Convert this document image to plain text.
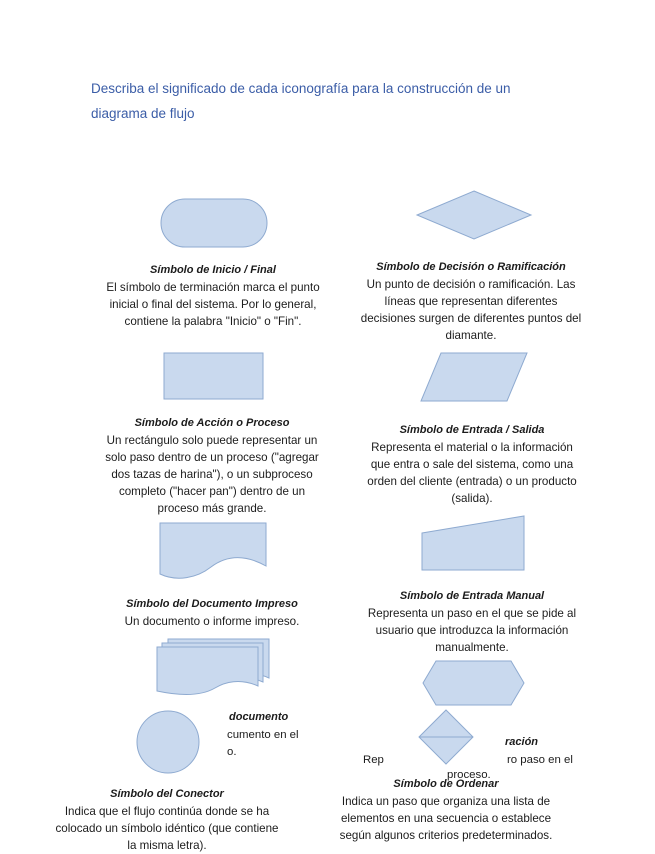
Describa el significado de cada iconografía para la construcción de un diagrama de flujo
Símbolo de Inicio / Final
El símbolo de terminación marca el punto inicial o final del sistema. Por lo general, contiene la palabra "Inicio" o "Fin".
Símbolo de Decisión o Ramificación
Un punto de decisión o ramificación. Las líneas que representan diferentes decisiones surgen de diferentes puntos del diamante.
Símbolo de Acción o Proceso
Un rectángulo solo puede representar un solo paso dentro de un proceso ("agregar dos tazas de harina"), o un subproceso completo ("hacer pan") dentro de un proceso más grande.
Símbolo de Entrada / Salida
Representa el material o la información que entra o sale del sistema, como una orden del cliente (entrada) o un producto (salida).
Símbolo del Documento Impreso
Un documento o informe impreso.
Símbolo de Entrada Manual
Representa un paso en el que se pide al usuario que introduzca la información manualmente.
documento
cumento en el
o.
ración
Rep	ro paso en el
proceso.
Símbolo del Conector
Indica que el flujo continúa donde se ha colocado un símbolo idéntico (que contiene la misma letra).
Símbolo de Ordenar
Indica un paso que organiza una lista de elementos en una secuencia o establece según algunos criterios predeterminados.
